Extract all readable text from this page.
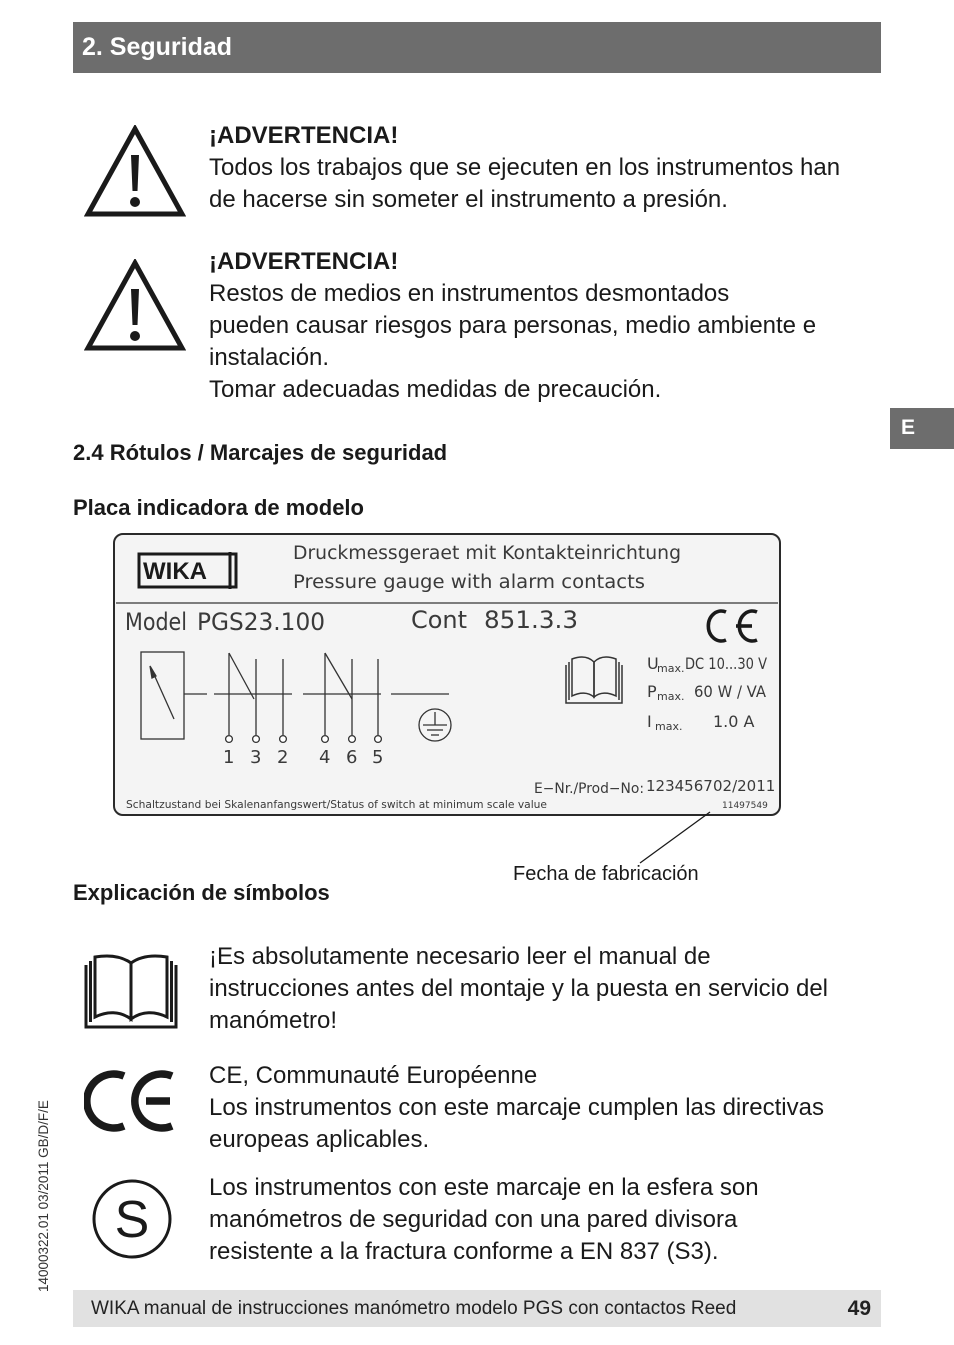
2. Seguridad
¡ADVERTENCIA!
Todos los trabajos que se ejecuten en los instrumentos han
de hacerse sin someter el instrumento a presión.
¡ADVERTENCIA!
Restos de medios en instrumentos desmontados
pueden causar riesgos para personas, medio ambiente e
instalación.
Tomar adecuadas medidas de precaución.
E
2.4 Rótulos / Marcajes de seguridad
Placa indicadora de modelo
WIKA
Druckmessgeraet mit Kontakteinrichtung
Pressure gauge with alarm contacts
Model PGS23.100	Cont 851.3.3
1 3 2 4 6 5
U
max. DC 10...30 V
P max. 60 W / VA
I max. 1.0 A
E−Nr./Prod−No: 1234567 02/2011
Schaltzustand bei Skalenanfangswert/Status of switch at minimum scale value	11497549
Fecha de fabricación
Explicación de símbolos
¡Es absolutamente necesario leer el manual de
instrucciones antes del montaje y la puesta en servicio del
manómetro!
CE, Communauté Européenne
Los instrumentos con este marcaje cumplen las directivas
europeas aplicables.
S
Los instrumentos con este marcaje en la esfera son
manómetros de seguridad con una pared divisora
resistente a la fractura conforme a EN 837 (S3).
14000322.01 03/2011 GB/D/F/E
WIKA manual de instrucciones manómetro modelo PGS con contactos Reed	49
